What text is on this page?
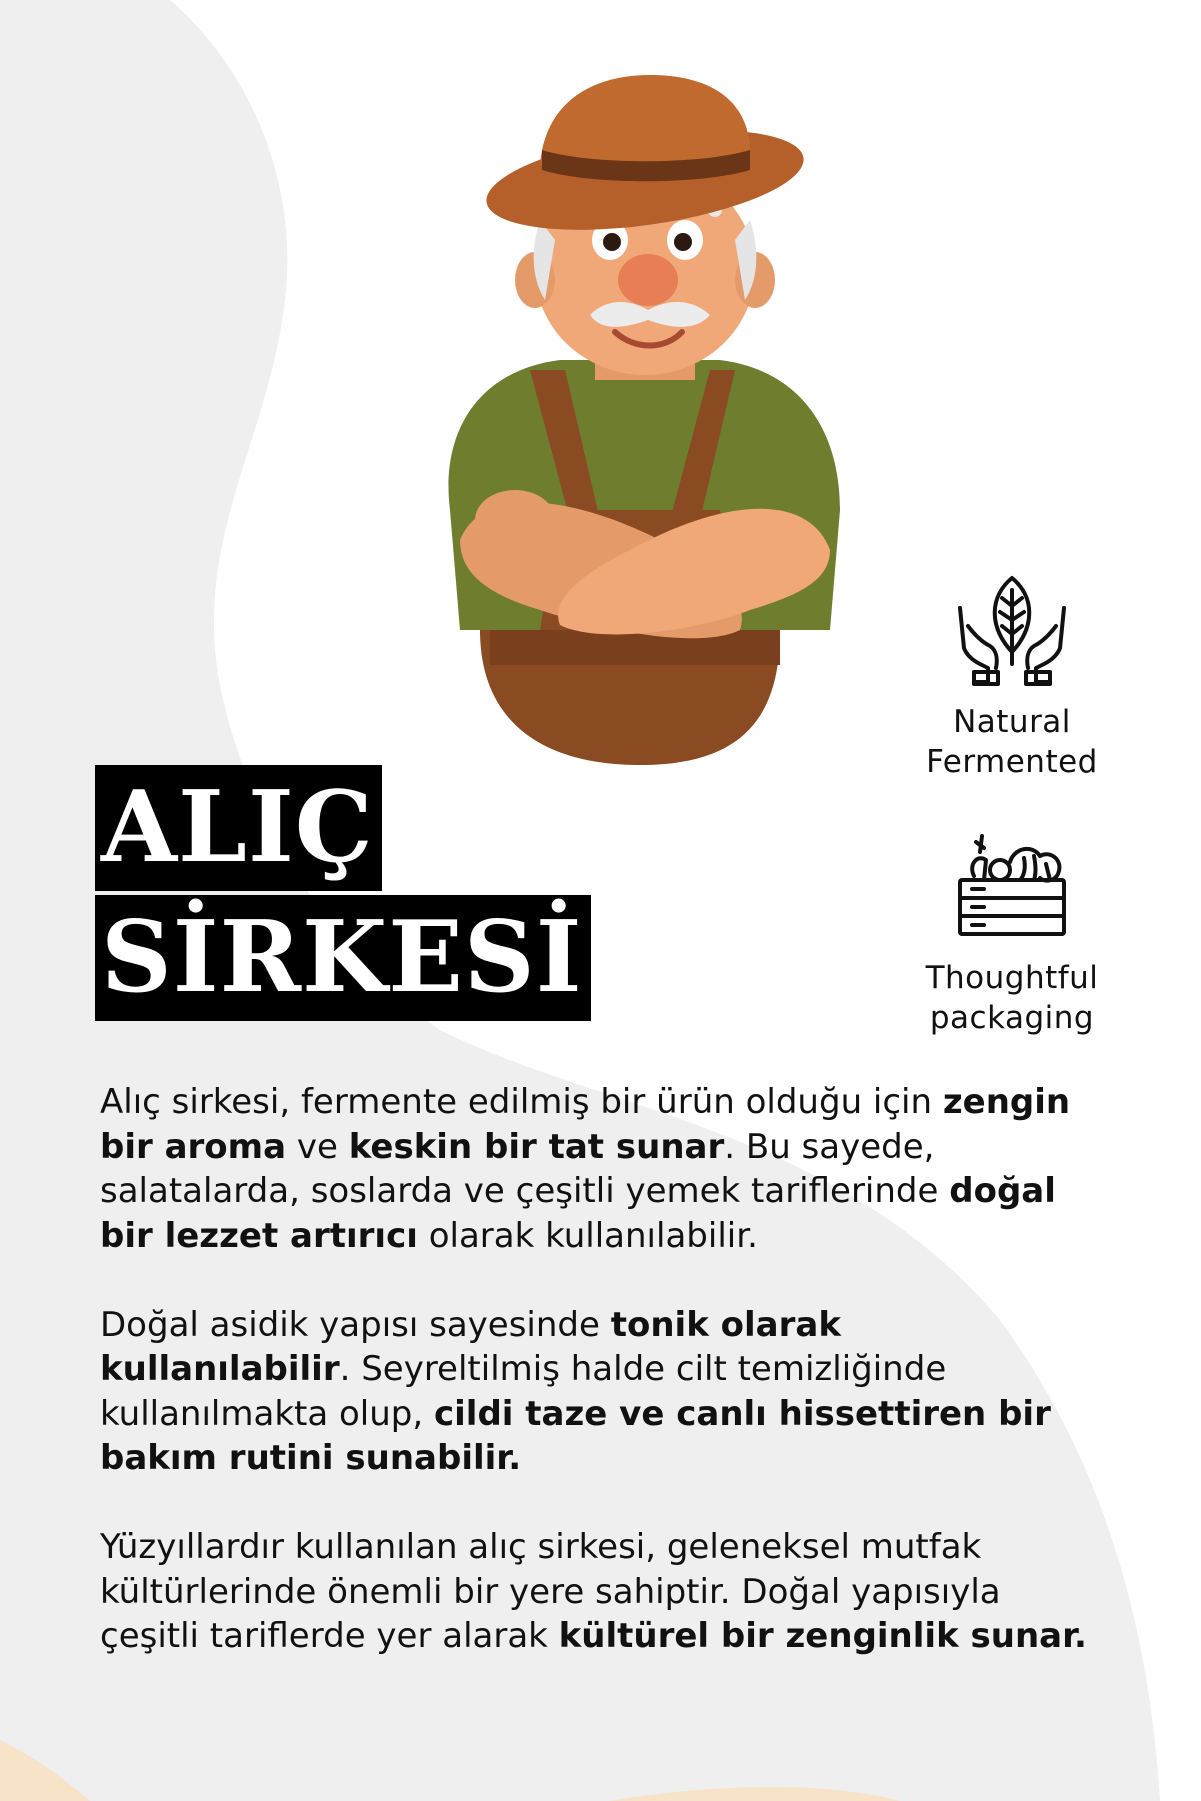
ALIÇ
SİRKESİ
Natural
Fermented
Thoughtful
packaging

Alıç sirkesi, fermente edilmiş bir ürün olduğu için zengin bir aroma ve keskin bir tat sunar. Bu sayede, salatalarda, soslarda ve çeşitli yemek tariflerinde doğal bir lezzet artırıcı olarak kullanılabilir.

Doğal asidik yapısı sayesinde tonik olarak kullanılabilir. Seyreltilmiş halde cilt temizliğinde kullanılmakta olup, cildi taze ve canlı hissettiren bir bakım rutini sunabilir.

Yüzyıllardır kullanılan alıç sirkesi, geleneksel mutfak kültürlerinde önemli bir yere sahiptir. Doğal yapısıyla çeşitli tariflerde yer alarak kültürel bir zenginlik sunar.
